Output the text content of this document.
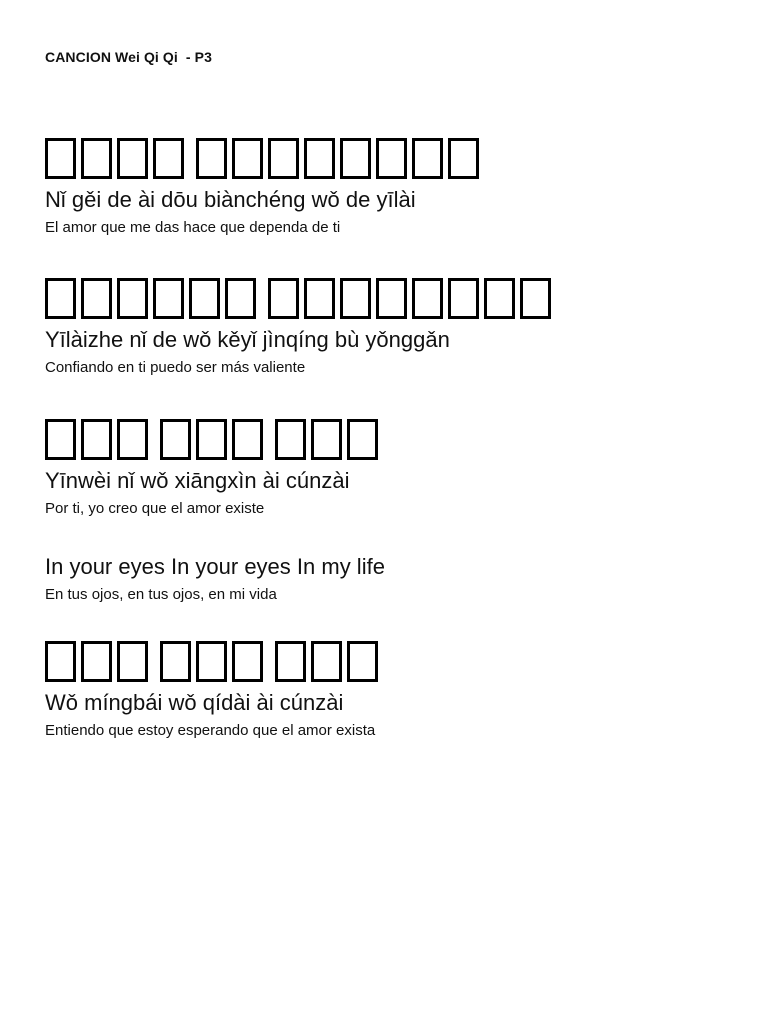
CANCION Wei Qi Qi  - P3
Nǐ gěi de ài dōu biànchéng wǒ de yīlài
El amor que me das hace que dependa de ti
Yīlàizhe nǐ de wǒ kěyǐ jìnqíng bù yǒnggǎn
Confiando en ti puedo ser más valiente
Yīnwèi nǐ wǒ xiāngxìn ài cúnzài
Por ti, yo creo que el amor existe
In your eyes In your eyes In my life
En tus ojos, en tus ojos, en mi vida
Wǒ míngbái wǒ qídài ài cúnzài
Entiendo que estoy esperando que el amor exista
